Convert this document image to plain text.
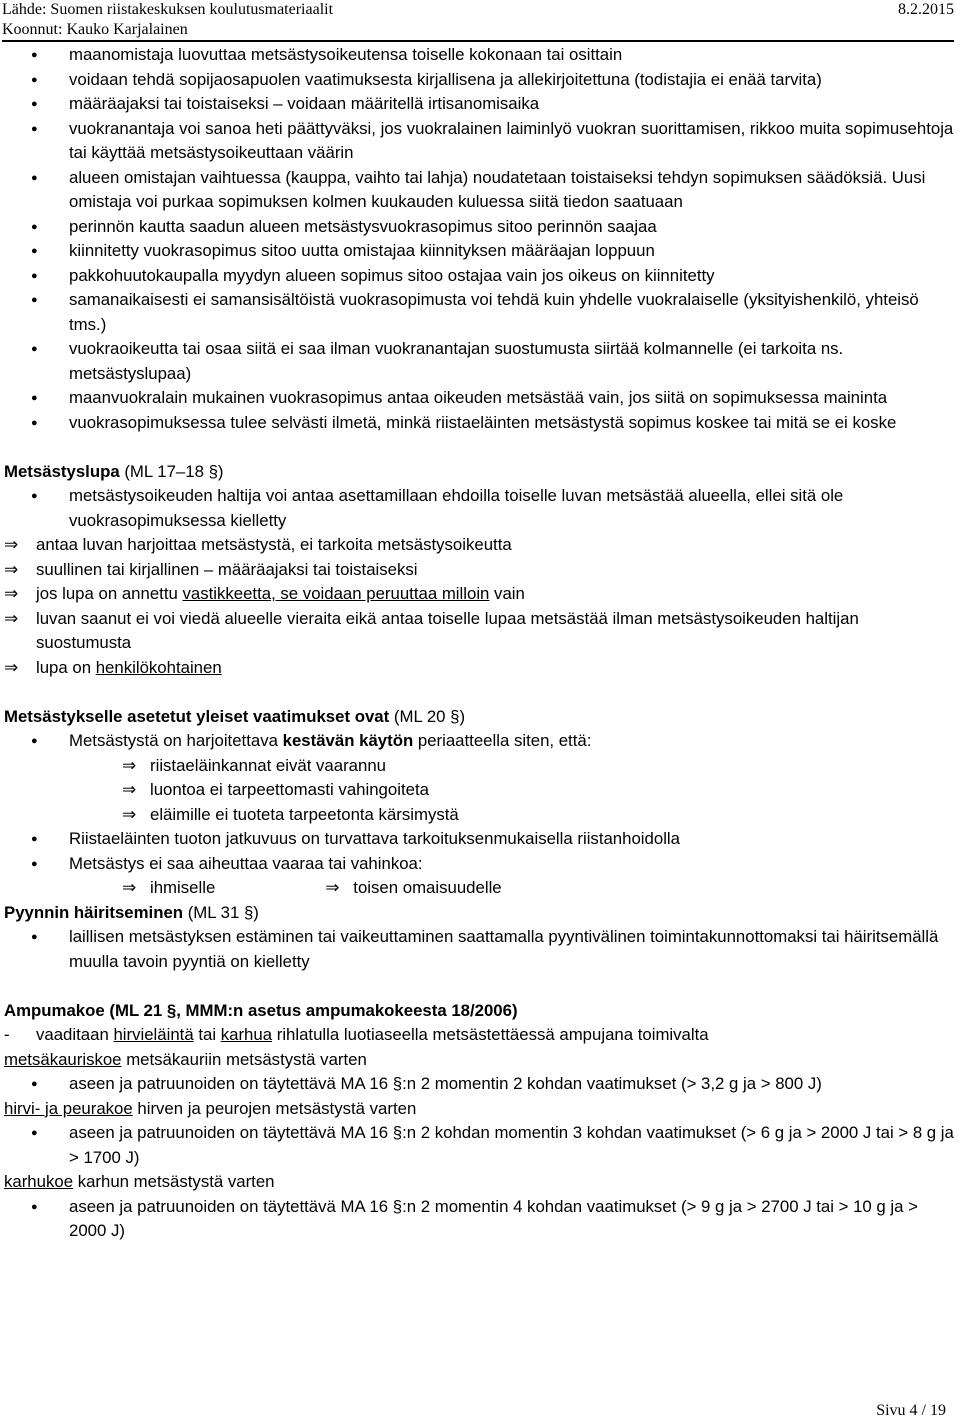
Lähde: Suomen riistakeskuksen koulutusmateriaalit	8.2.2015
Koonnut: Kauko Karjalainen
● maanomistaja luovuttaa metsästysoikeutensa toiselle kokonaan tai osittain
● voidaan tehdä sopijaosapuolen vaatimuksesta kirjallisena ja allekirjoitettuna (todistajia ei enää tarvita)
● määräajaksi tai toistaiseksi – voidaan määritellä irtisanomisaika
● vuokranantaja voi sanoa heti päättyväksi, jos vuokralainen laiminlyö vuokran suorittamisen, rikkoo muita sopimusehtoja tai käyttää metsästysoikeuttaan väärin
● alueen omistajan vaihtuessa (kauppa, vaihto tai lahja) noudatetaan toistaiseksi tehdyn sopimuksen säädöksiä. Uusi omistaja voi purkaa sopimuksen kolmen kuukauden kuluessa siitä tiedon saatuaan
● perinnön kautta saadun alueen metsästysvuokrasopimus sitoo perinnön saajaa
● kiinnitetty vuokrasopimus sitoo uutta omistajaa kiinnityksen määräajan loppuun
● pakkohuutokaupalla myydyn alueen sopimus sitoo ostajaa vain jos oikeus on kiinnitetty
● samanaikaisesti ei samansisältöistä vuokrasopimusta voi tehdä kuin yhdelle vuokralaiselle (yksityishenkilö, yhteisö tms.)
● vuokraoikeutta tai osaa siitä ei saa ilman vuokranantajan suostumusta siirtää kolmannelle (ei tarkoita ns. metsästyslupaa)
● maanvuokralain mukainen vuokrasopimus antaa oikeuden metsästää vain, jos siitä on sopimuksessa maininta
● vuokrasopimuksessa tulee selvästi ilmetä, minkä riistaeläinten metsästystä sopimus koskee tai mitä se ei koske
Metsästyslupa (ML 17–18 §)
● metsästysoikeuden haltija voi antaa asettamillaan ehdoilla toiselle luvan metsästää alueella, ellei sitä ole vuokrasopimuksessa kielletty
⇒	antaa luvan harjoittaa metsästystä, ei tarkoita metsästysoikeutta
⇒	suullinen tai kirjallinen – määräajaksi tai toistaiseksi
⇒	jos lupa on annettu vastikkeetta, se voidaan peruuttaa milloin vain
⇒	luvan saanut ei voi viedä alueelle vieraita eikä antaa toiselle lupaa metsästää ilman metsästysoikeuden haltijan suostumusta
⇒	lupa on henkilökohtainen
Metsästykselle asetetut yleiset vaatimukset ovat (ML 20 §)
● Metsästystä on harjoitettava kestävän käytön periaatteella siten, että:
⇒ riistaeläinkannat eivät vaarannu
⇒ luontoa ei tarpeettomasti vahingoiteta
⇒ eläimille ei tuoteta tarpeetonta kärsimystä
● Riistaeläinten tuoton jatkuvuus on turvattava tarkoituksenmukaisella riistanhoidolla
● Metsästys ei saa aiheuttaa vaaraa tai vahinkoa:
⇒ ihmiselle	⇒ toisen omaisuudelle
Pyynnin häiritseminen (ML 31 §)
● laillisen metsästyksen estäminen tai vaikeuttaminen saattamalla pyyntivälinen toimintakunnottomaksi tai häiritsemällä muulla tavoin pyyntiä on kielletty
Ampumakoe (ML 21 §, MMM:n asetus ampumakokeesta 18/2006)
- vaaditaan hirvieläintä tai karhua rihlatulla luotiaseella metsästettäessä ampujana toimivalta
metsäkauriskoe metsäkauriin metsästystä varten
● aseen ja patruunoiden on täytettävä MA 16 §:n 2 momentin 2 kohdan vaatimukset (> 3,2 g ja > 800 J)
hirvi- ja peurakoe hirven ja peurojen metsästystä varten
● aseen ja patruunoiden on täytettävä MA 16 §:n 2 kohdan momentin 3 kohdan vaatimukset (> 6 g ja > 2000 J tai > 8 g ja > 1700 J)
karhukoe karhun metsästystä varten
● aseen ja patruunoiden on täytettävä MA 16 §:n 2 momentin 4 kohdan vaatimukset (> 9 g ja > 2700 J tai > 10 g ja > 2000 J)
Sivu 4 / 19
